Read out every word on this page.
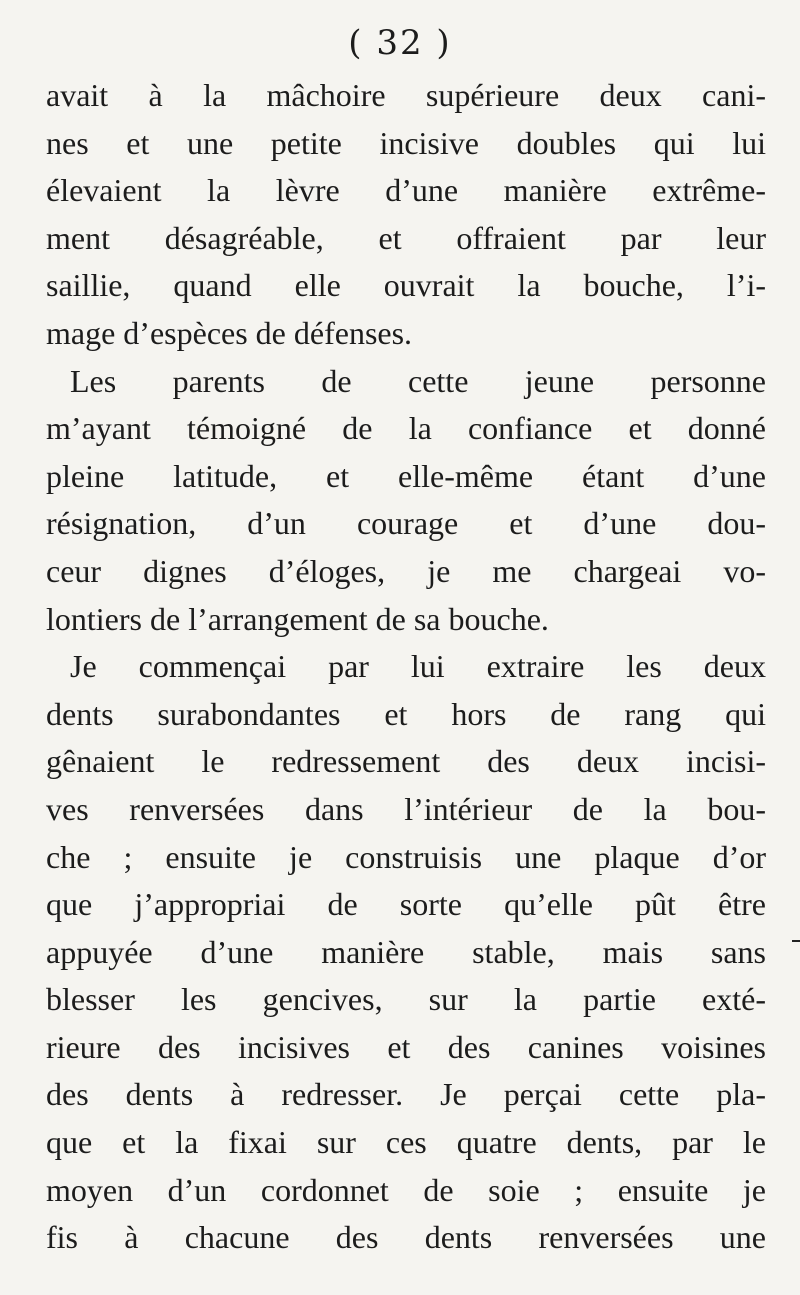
( 32 )
avait à la mâchoire supérieure deux cani-
nes et une petite incisive doubles qui lui
élevaient la lèvre d’une manière extrême-
ment désagréable, et offraient par leur
saillie, quand elle ouvrait la bouche, l’i-
mage d’espèces de défenses.
Les parents de cette jeune personne
m’ayant témoigné de la confiance et donné
pleine latitude, et elle-même étant d’une
résignation, d’un courage et d’une dou-
ceur dignes d’éloges, je me chargeai vo-
lontiers de l’arrangement de sa bouche.
Je commençai par lui extraire les deux
dents surabondantes et hors de rang qui
gênaient le redressement des deux incisi-
ves renversées dans l’intérieur de la bou-
che ; ensuite je construisis une plaque d’or
que j’appropriai de sorte qu’elle pût être
appuyée d’une manière stable, mais sans
blesser les gencives, sur la partie exté-
rieure des incisives et des canines voisines
des dents à redresser. Je perçai cette pla-
que et la fixai sur ces quatre dents, par le
moyen d’un cordonnet de soie ; ensuite je
fis à chacune des dents renversées une
